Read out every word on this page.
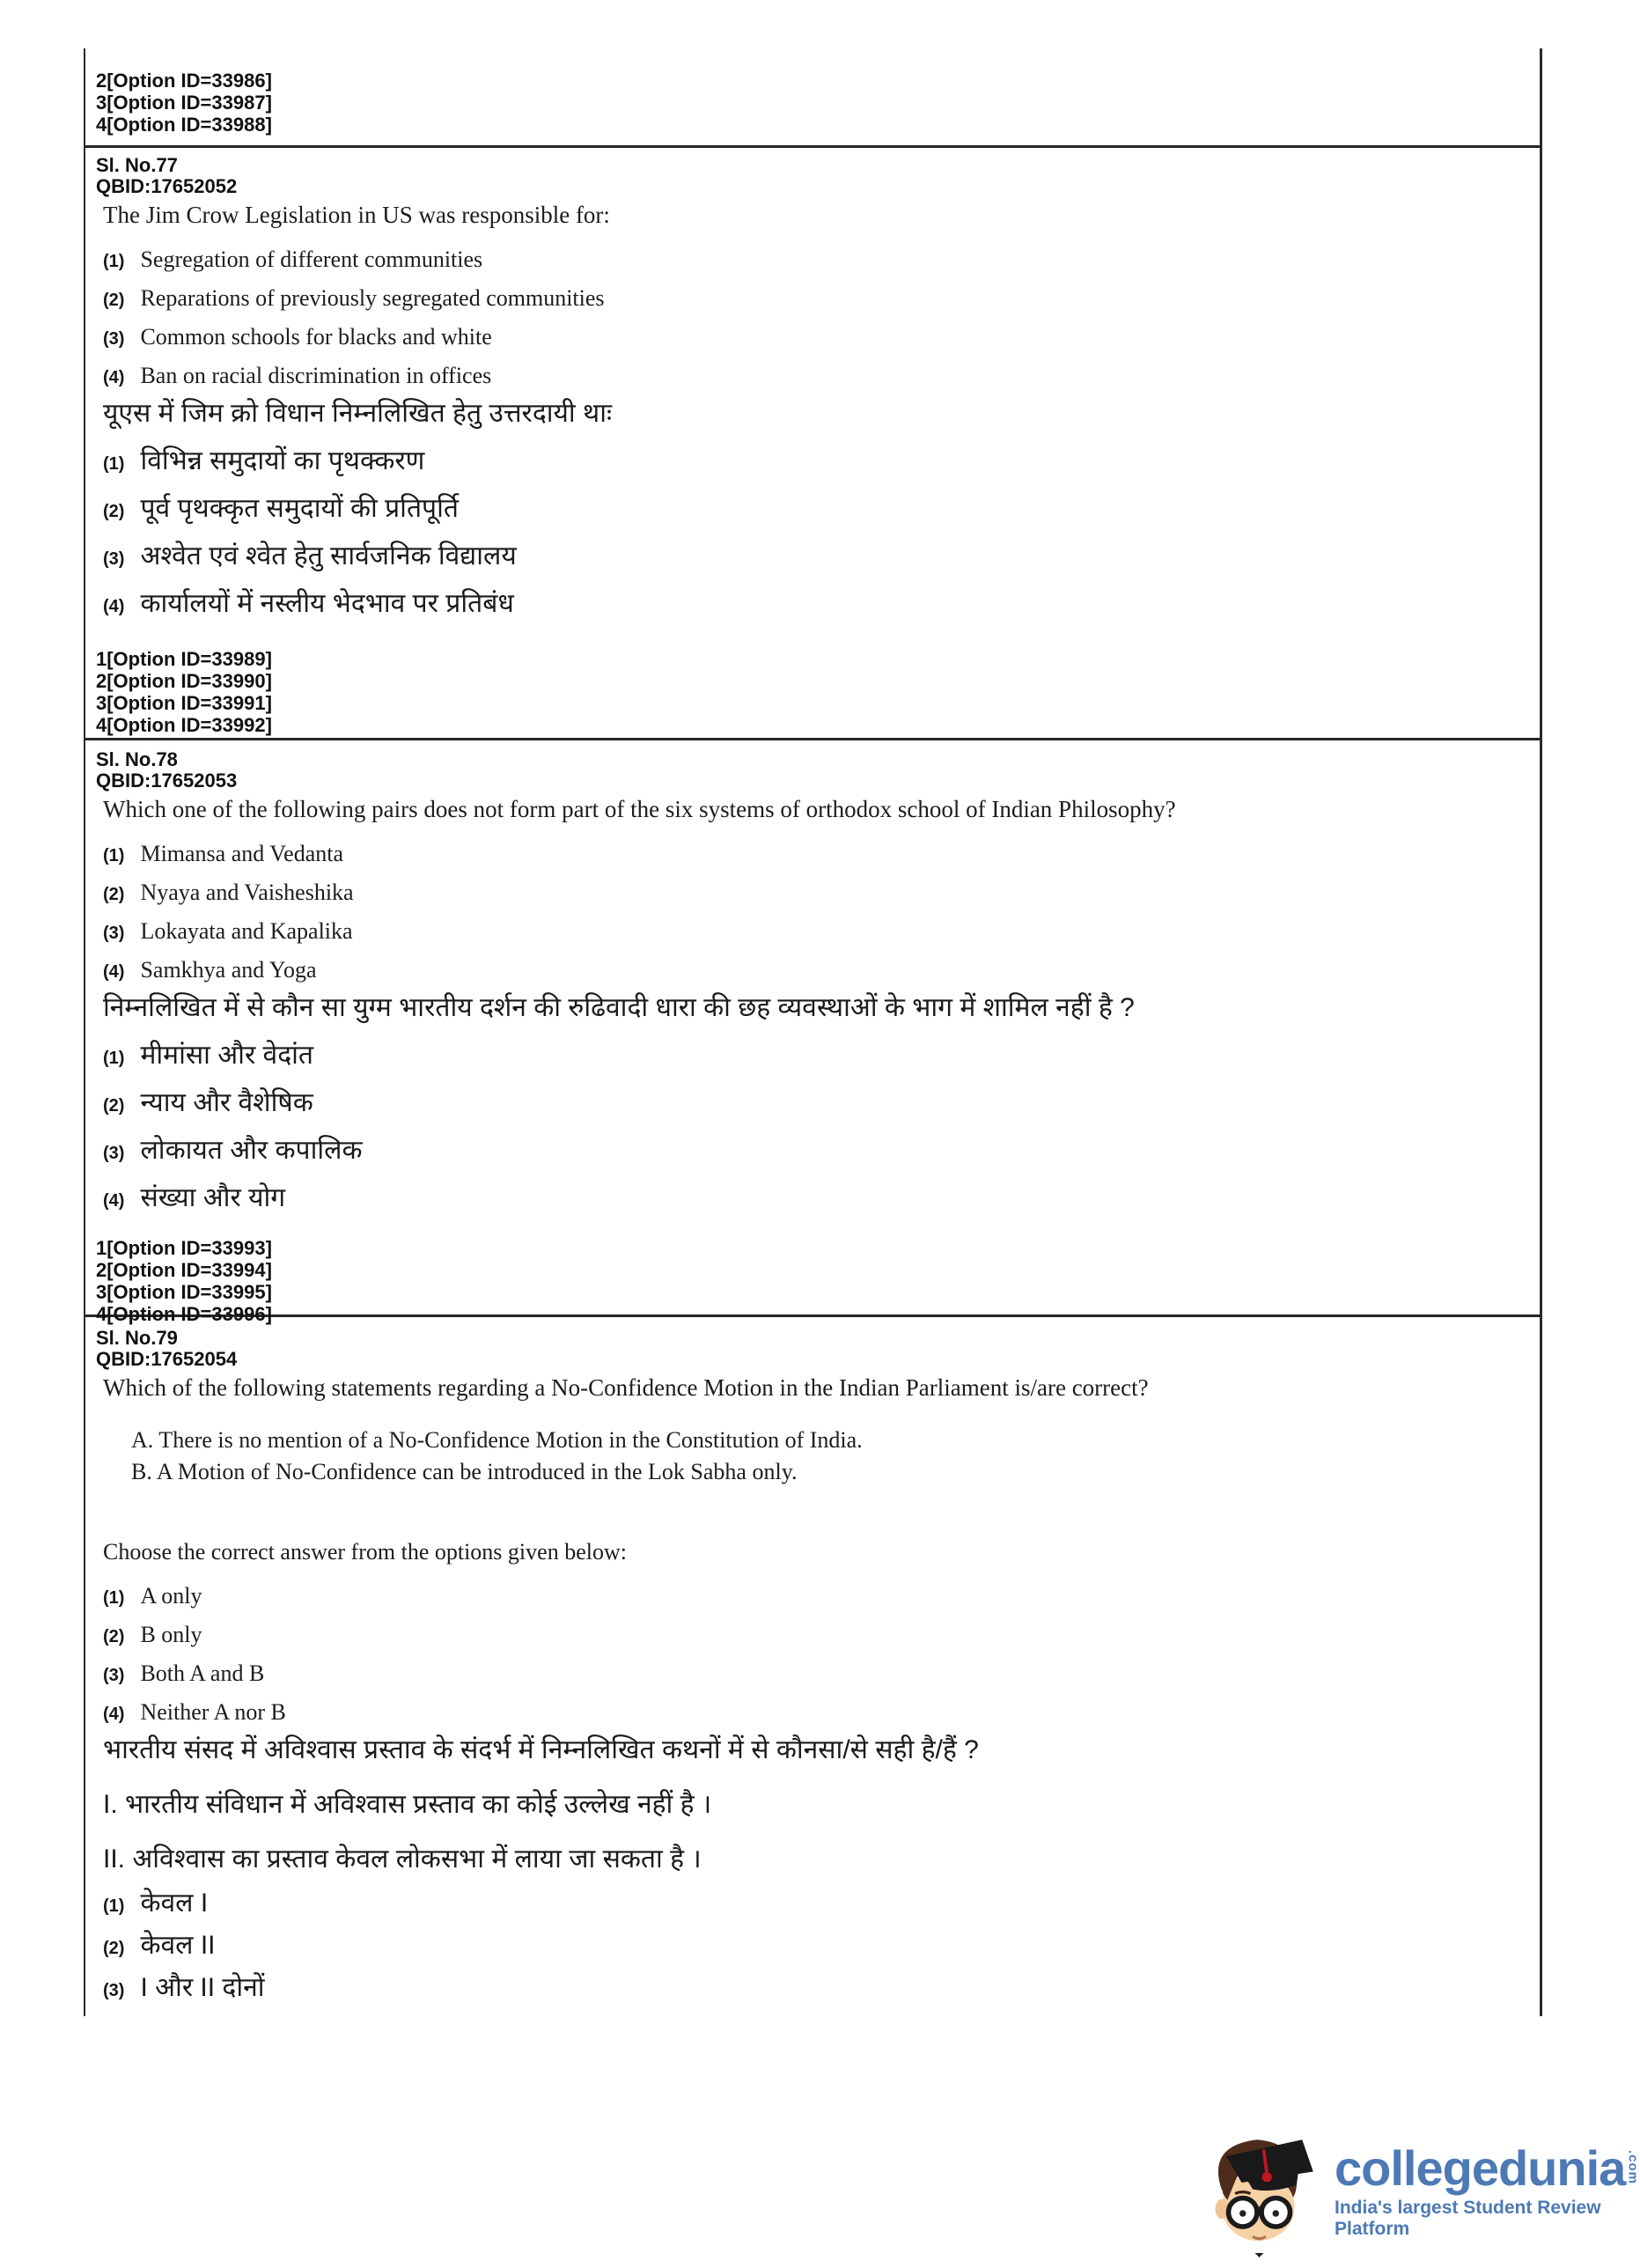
2[Option ID=33986]
3[Option ID=33987]
4[Option ID=33988]
Sl. No.77
QBID:17652052
The Jim Crow Legislation in US was responsible for:
(1) Segregation of different communities
(2) Reparations of previously segregated communities
(3) Common schools for blacks and white
(4) Ban on racial discrimination in offices
यूएस में जिम क्रो विधान निम्नलिखित हेतु उत्तरदायी थाः
(1) विभिन्न समुदायों का पृथक्करण
(2) पूर्व पृथक्कृत समुदायों की प्रतिपूर्ति
(3) अश्वेत एवं श्वेत हेतु सार्वजनिक विद्यालय
(4) कार्यालयों में नस्लीय भेदभाव पर प्रतिबंध
1[Option ID=33989]
2[Option ID=33990]
3[Option ID=33991]
4[Option ID=33992]
Sl. No.78
QBID:17652053
Which one of the following pairs does not form part of the six systems of orthodox school of Indian Philosophy?
(1) Mimansa and Vedanta
(2) Nyaya and Vaisheshika
(3) Lokayata and Kapalika
(4) Samkhya and Yoga
निम्नलिखित में से कौन सा युग्म भारतीय दर्शन की रुढिवादी धारा की छह व्यवस्थाओं के भाग में शामिल नहीं है ?
(1) मीमांसा और वेदांत
(2) न्याय और वैशेषिक
(3) लोकायत और कपालिक
(4) संख्या और योग
1[Option ID=33993]
2[Option ID=33994]
3[Option ID=33995]
4[Option ID=33996]
Sl. No.79
QBID:17652054
Which of the following statements regarding a No-Confidence Motion in the Indian Parliament is/are correct?
A. There is no mention of a No-Confidence Motion in the Constitution of India.
B. A Motion of No-Confidence can be introduced in the Lok Sabha only.
Choose the correct answer from the options given below:
(1) A only
(2) B only
(3) Both A and B
(4) Neither A nor B
भारतीय संसद में अविश्वास प्रस्ताव के संदर्भ में निम्नलिखित कथनों में से कौनसा/से सही है/हैं ?
I. भारतीय संविधान में अविश्वास प्रस्ताव का कोई उल्लेख नहीं है ।
II. अविश्वास का प्रस्ताव केवल लोकसभा में लाया जा सकता है ।
(1) केवल I
(2) केवल II
(3) I और II दोनों
collegedunia .com
India's largest Student Review Platform
